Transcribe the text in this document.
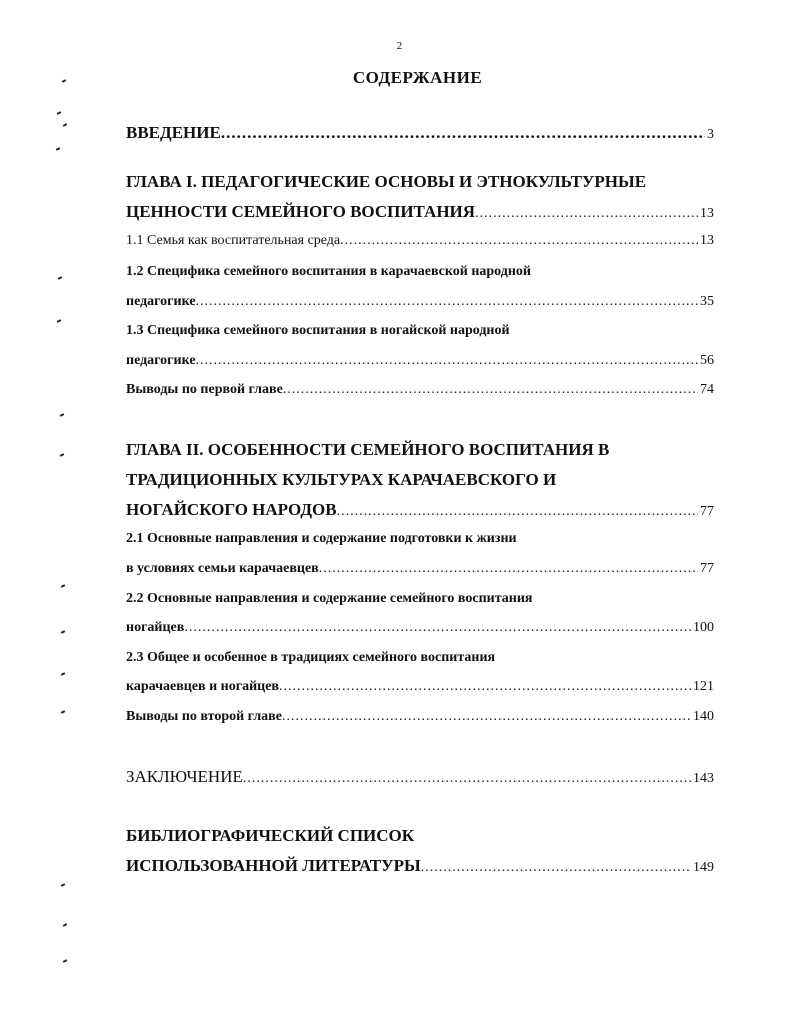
2
СОДЕРЖАНИЕ
ВВЕДЕНИЕ .....	3
ГЛАВА I. ПЕДАГОГИЧЕСКИЕ ОСНОВЫ И ЭТНОКУЛЬТУРНЫЕ
ЦЕННОСТИ СЕМЕЙНОГО ВОСПИТАНИЯ .....	13
1.1 Семья как воспитательная среда .....	13
1.2 Специфика семейного воспитания в карачаевской народной
педагогике .....	35
1.3 Специфика семейного воспитания в ногайской народной
педагогике .....	56
Выводы по первой главе .....	74
ГЛАВА II. ОСОБЕННОСТИ СЕМЕЙНОГО ВОСПИТАНИЯ В
ТРАДИЦИОННЫХ КУЛЬТУРАХ КАРАЧАЕВСКОГО И
НОГАЙСКОГО НАРОДОВ .....	77
2.1 Основные направления и содержание подготовки к жизни
в условиях семьи карачаевцев .....	77
2.2 Основные направления и содержание семейного воспитания
ногайцев .....	100
2.3 Общее и особенное в традициях семейного воспитания
карачаевцев и ногайцев .....	121
Выводы по второй главе .....	140
ЗАКЛЮЧЕНИЕ .....	143
БИБЛИОГРАФИЧЕСКИЙ СПИСОК
ИСПОЛЬЗОВАННОЙ ЛИТЕРАТУРЫ .....	149
